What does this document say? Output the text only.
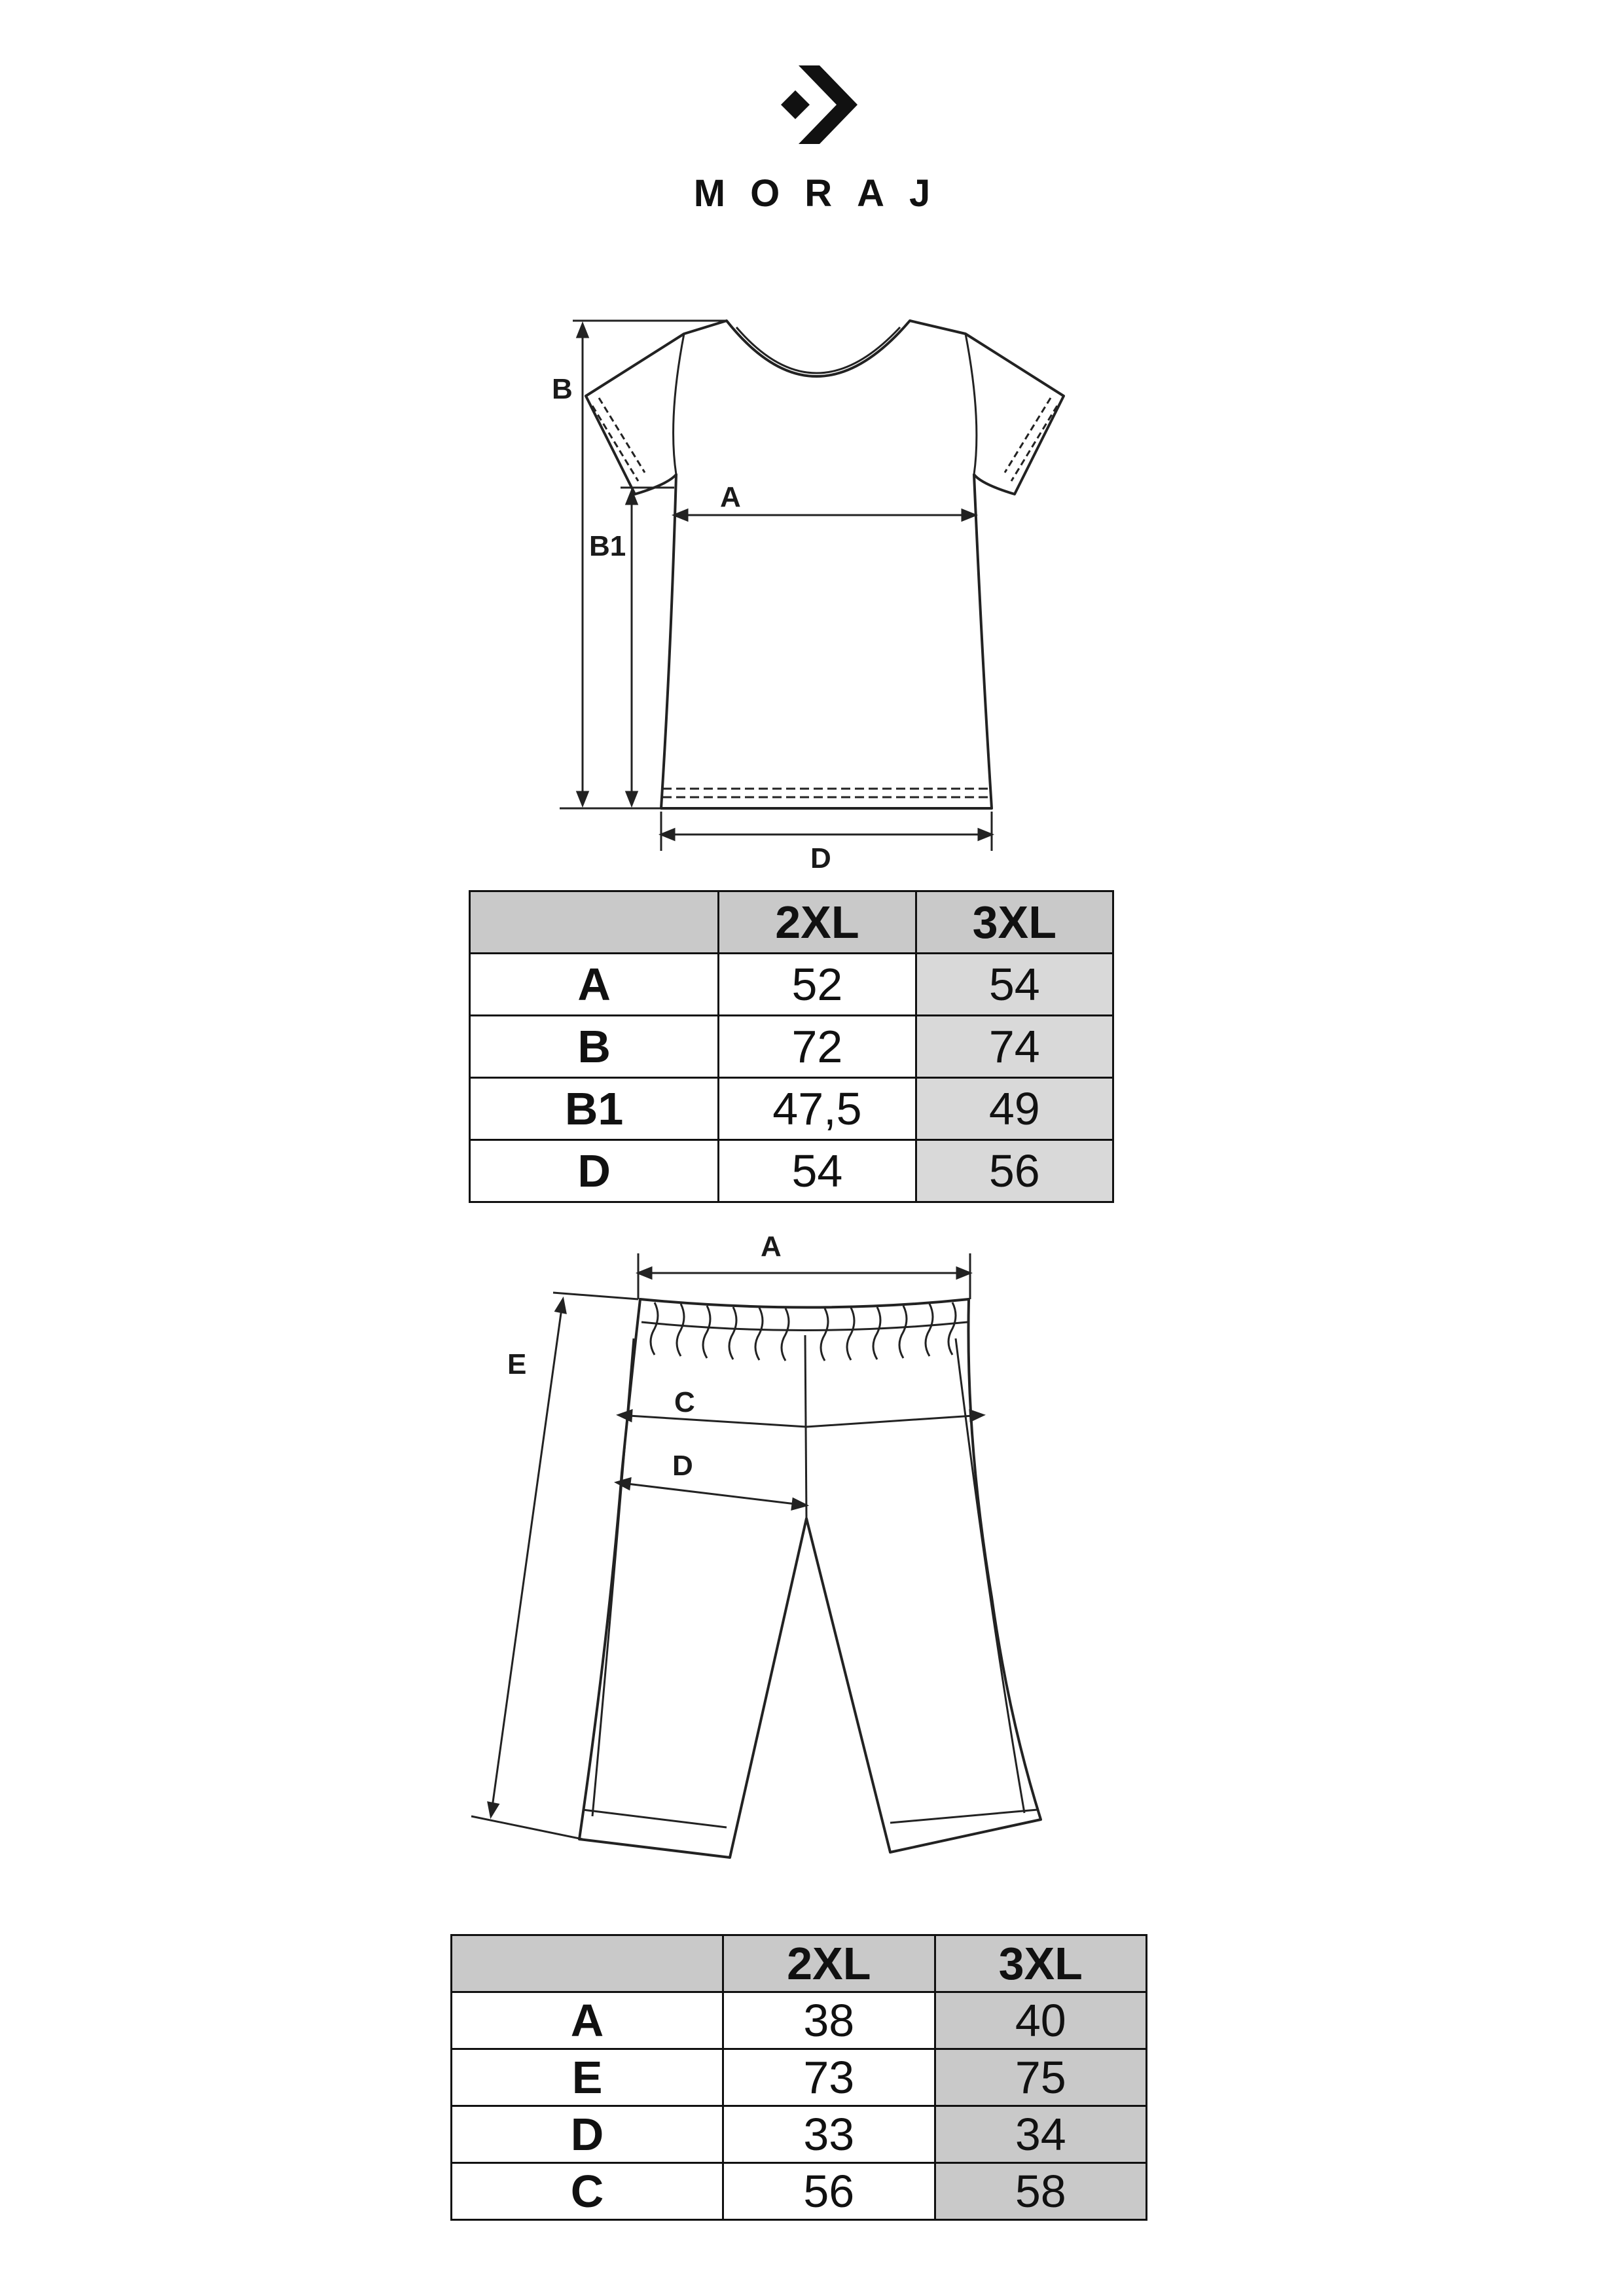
MORAJ
B
B1
A
D
	2XL	3XL
A	52	54
B	72	74
B1	47,5	49
D	54	56
A
E
C
D
	2XL	3XL
A	38	40
E	73	75
D	33	34
C	56	58
